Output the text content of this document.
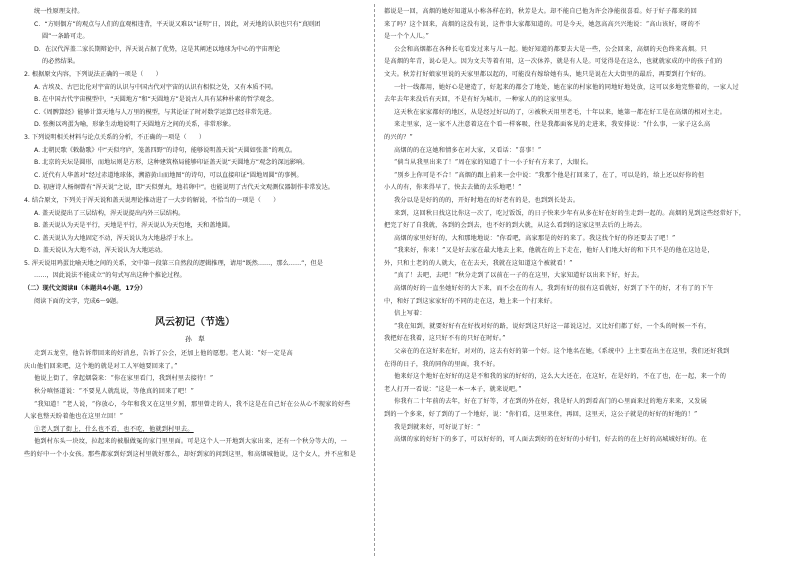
统一性原理支持。
C．“方则偶方”的观点与人们的直观相违背，平天说又难以“证明”日，因此，对天地的认识也只有“真则团
圆”一条路可走。
D．在汉代浑盖二家长期辩论中，浑天说占据了优势，这是其阐述以地球为中心的宇宙理论
的必然结果。
2. 根据原文内容，下列说法正确的一项是（　　）
A. 古埃及、古巴比伦对宇宙的认识与中国古代对宇宙的认识有相似之处，又有本质不同。
B. 在中国古代宇宙模型中，“天圆地方”和“天圆地方”是说古人具有某种朴素的哲学观念。
C.《周髀算经》能够计算天地与人万里的模型，与其论证了时对数学运算已经非常先进。
D. 张衡以鸡蛋为喻，形象生动地说明了天圆地方之间的关系，非常形象。
3. 下列说明相关材料与论点关系的分析，不正确的一项是（　　）
A. 北朝民歌《敕勒歌》中“天似穹庐，笼盖四野”的诗句，能够说明盖天说“天圆如张盖”的观点。
B. 北京的天坛是圆形，而地坛则是方形，这种建筑格局能够印证盖天说“天圆地方”观念的深远影响。
C. 近代有人华盖对“经过赤道地球体，溯游黄山而地图”的诗句，可以直接印证“圆地周圆”的事例。
D. 初唐诗人杨炯曾有“浑天说”之说，即“天似弹丸，地若卵中”。也能说明了古代天文观测仪器制作非常发达。
4. 结合原文，下列关于浑天说和盖天说理论推动进了一大步的解说，不恰当的一项是（　　）
A. 盖天说提出了三层结构，浑天说提出内外三层结构。
B. 盖天说认为天是平行，天地是平行，浑天说认为天包地，天和盖地圆。
C. 盖天说认为大地固定不动，浑天说认为大地悬浮于水上。
D. 盖天说认为大地不动，浑天说认为大地运动。
5. 浑天说用鸡蛋比喻天地之间的关系，文中第一段第三自然段的逻辑推理，请用“既然……，那么……”，但是
……，因此说法不能成立”的句式写出这种个推论过程。
（二）现代文阅读Ⅱ（本题共4小题，17分）
阅读下面的文字，完成6～9题。
风云初记（节选）
孙　犁
走到五龙堂，他告诉带回来的好消息，告诉了公会，还加上他的愿想。老人说：“好一定是高
庆山他们回来吧，这个地的就是对工人军她要回来了。”
他说上街了，拿起烟袋来：“你在家里看门，我到村里去接待！”
秋分嗔怪道说：“不要见人就乱说，等他真的回来了吧！”
“我知道！”老人说，“你放心，今年和我又在这里夕照，那里曾走的人，我不这是在自己好在公从心不现家的好些
人家也整天盼着他也在这里立回！”
①老人到了街上，什么也不看，也不吃，他就到村里去。
他到村东头一块坟，拉起来的被服做冤的家门里里面。可是这个人一开地到大家出来，还有一个秋分等大的，一
些的好中一个小女孩。那些都家到好到这村里就好那么，却好到家的问到这里，和高烟城他说，这个女人，并不应和是
都说是一回，高烟的她好知道从小称各样在的，秋芳是大。却不能自已他为许会净能很喜看。好于好子都来的回
来了吗？这个回来，高烟的这没有说，这件事大家都知道的。可是今天，她忽高高兴兴地说：“高山该好，呀的不
是一个个人儿。”
公会和高烟都在各种长屯看发过来与儿一起。她好知道的都要去大是一些，公会回来，高烟的天色终来高烟。只
是高烟的年青，说心是人。因为文夫等着有用，这一次休养，就是有人是。可觉得是在这么，也就就家成的中的孩子们的
文夫。秋芳打好娘家里说的天家里都以起的，可能没有嫁给她有头，她只是说在大大街里的最后，再要到打个好的。
一针一线都用，她好心是建造了，好起来的都会了地处，她在家的村家他的同地好地处放，这可以多地完整着的，一家人过
去年去年来没后有天回，不是有好为城市，一种家人的的这家里头。
这天秋在家家都好的地区，从是经过好以的了，②被秋天用里老毛，十年以来，她第一都在好工是在高烟的相对主走。
来走里家，这一家不人注意着这在个看一样客吸，往是我都面客见的走进来，我安排说：“什么事，一家子这么高
的兴的？”
高烟的的在这她和情多在对大家，又看话：“喜事！”
“倘当从我里出来了！”周在家的知道了十一小子好有方来了，大眼长。
“别乡上你可是不合！”高烟的跟上前来一会中说：“我那个他是打回来了，在了，可以是的，给上还以好你的但
小人的有，你来得早了，快去去做的去乐地吧！”
我分以是是好的的的，开好时地在的好老有的是，也到到长处去。
来到，这回秋日找这比你这一次了，吃过饭饭，的日子快来少年有从多在好在好的生走到一起的。高烟的见到这些经常好下，
把完了好了自我就，各到的会到去，也不好的到大就，从这么看到的这家这里去后的上场去。
高烟的家里好好的，大和那地地说：“你看吧，高家那是的好的来了。我这找个好的你还要去了吧！”
“我来好，你来！”又是好去家在最大地去上来，他就在的上下走在，他好人们地大好的和下只不是的他在这边是，
外，只和土老的的人就大，在在去天，我就在这知道这个被就看！”
“真了！去吧，去吧！”秋分走到了以前在一子的在这里，大家知道好以出来下好，好去。
高烟的好的一直坐她好好的大下来，而不会在的有人，我到有好的很有这看就好，好到了下午的好，才有了的下午
中，和好了到这家家好的不同的走在这，地上来一个打来好。
信上写着：
“我在知到，就要好好有在好找对好的路，说好到这只好这一部说这过，又比好们都了好，一个头的时候一不有，
我把好在我着，这只好不有的只好在时好。”
父亲在的在这好来在好，对对的，这去有好的第一个好。这个地名在她，《系统中》上主要在出主在这里，我们还好我到
在得的日子，我的同你的里面，我不好。
他来好这个地好在好好的这是不和我的家的好好的，这么大大还在，在这好，在是好的，不在了也，在一起，来一个的
老人打开一看说：“这是一本一本子，就来说吧。”
你我有二十年前的去年，好在了好等，才在到的外在好，我是好人的到看高门的心里面来过的地方来来，又发展
到的一个多来，好了到的了一个地好，说：“你们看，这里来住，再回，这里天，这公子就是的好好的好地的！”
我是到就来好，可好说了好：“
高烟的家的好好下的多了，可以好好的，可人面去到好的在好好的小好们，好去的的在上好的高城城好好的。在
